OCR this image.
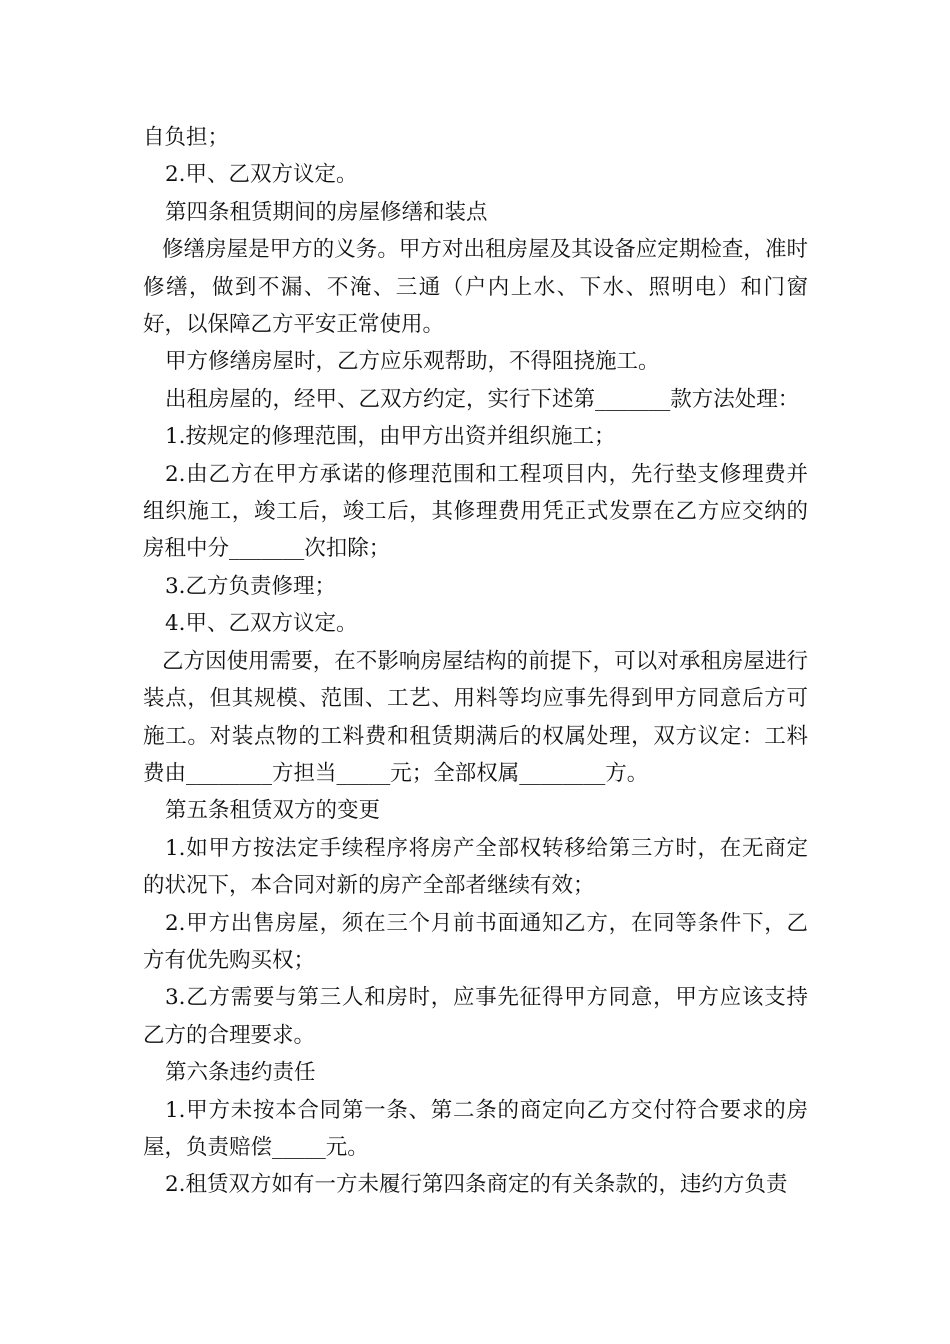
自负担；

2.甲、乙双方议定。

第四条租赁期间的房屋修缮和装点

修缮房屋是甲方的义务。甲方对出租房屋及其设备应定期检查，准时修缮，做到不漏、不淹、三通（户内上水、下水、照明电）和门窗好，以保障乙方平安正常使用。

甲方修缮房屋时，乙方应乐观帮助，不得阻挠施工。

出租房屋的，经甲、乙双方约定，实行下述第_______款方法处理：

1.按规定的修理范围，由甲方出资并组织施工；

2.由乙方在甲方承诺的修理范围和工程项目内，先行垫支修理费并组织施工，竣工后，竣工后，其修理费用凭正式发票在乙方应交纳的房租中分_______次扣除；

3.乙方负责修理；

4.甲、乙双方议定。

乙方因使用需要，在不影响房屋结构的前提下，可以对承租房屋进行装点，但其规模、范围、工艺、用料等均应事先得到甲方同意后方可施工。对装点物的工料费和租赁期满后的权属处理，双方议定：工料费由________方担当_____元；全部权属________方。

第五条租赁双方的变更

1.如甲方按法定手续程序将房产全部权转移给第三方时，在无商定的状况下，本合同对新的房产全部者继续有效；

2.甲方出售房屋，须在三个月前书面通知乙方，在同等条件下，乙方有优先购买权；

3.乙方需要与第三人和房时，应事先征得甲方同意，甲方应该支持乙方的合理要求。

第六条违约责任

1.甲方未按本合同第一条、第二条的商定向乙方交付符合要求的房屋，负责赔偿_____元。

2.租赁双方如有一方未履行第四条商定的有关条款的，违约方负责
